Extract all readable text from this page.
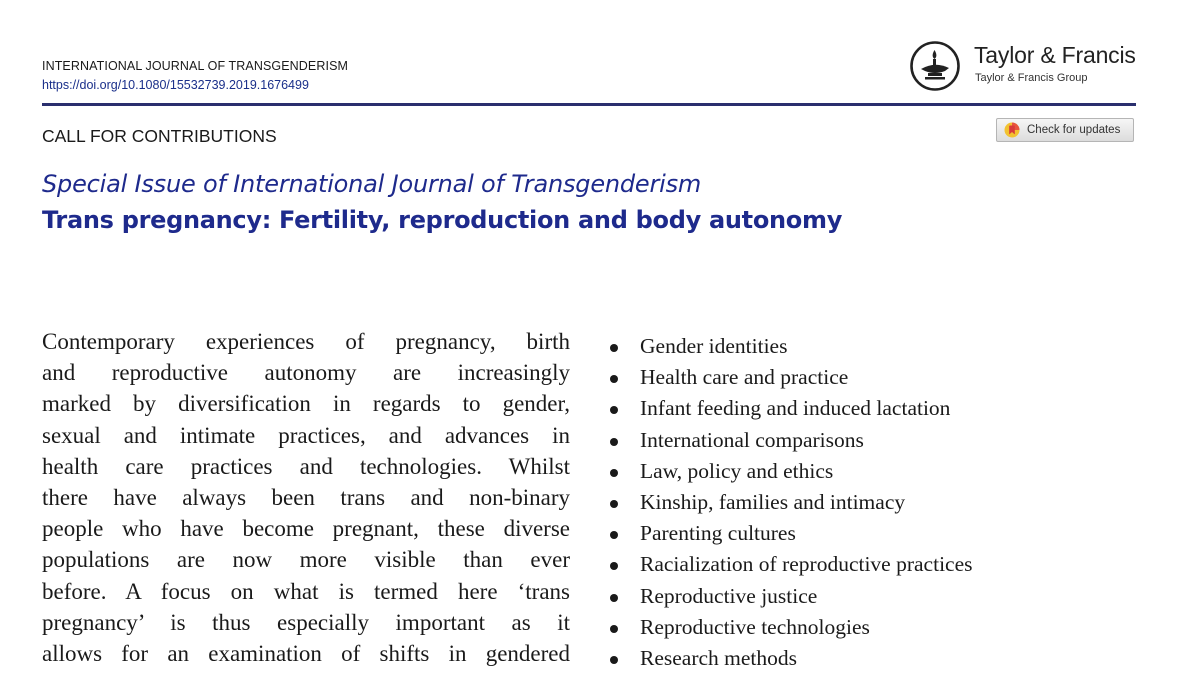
INTERNATIONAL JOURNAL OF TRANSGENDERISM
https://doi.org/10.1080/15532739.2019.1676499
Taylor & Francis
Taylor & Francis Group
CALL FOR CONTRIBUTIONS	Check for updates
Special Issue of International Journal of Transgenderism
Trans pregnancy: Fertility, reproduction and body autonomy
Contemporary experiences of pregnancy, birth
and reproductive autonomy are increasingly
marked by diversification in regards to gender,
sexual and intimate practices, and advances in
health care practices and technologies. Whilst
there have always been trans and non-binary
people who have become pregnant, these diverse
populations are now more visible than ever
before. A focus on what is termed here ‘trans
pregnancy’ is thus especially important as it
allows for an examination of shifts in gendered
Gender identities
Health care and practice
Infant feeding and induced lactation
International comparisons
Law, policy and ethics
Kinship, families and intimacy
Parenting cultures
Racialization of reproductive practices
Reproductive justice
Reproductive technologies
Research methods
